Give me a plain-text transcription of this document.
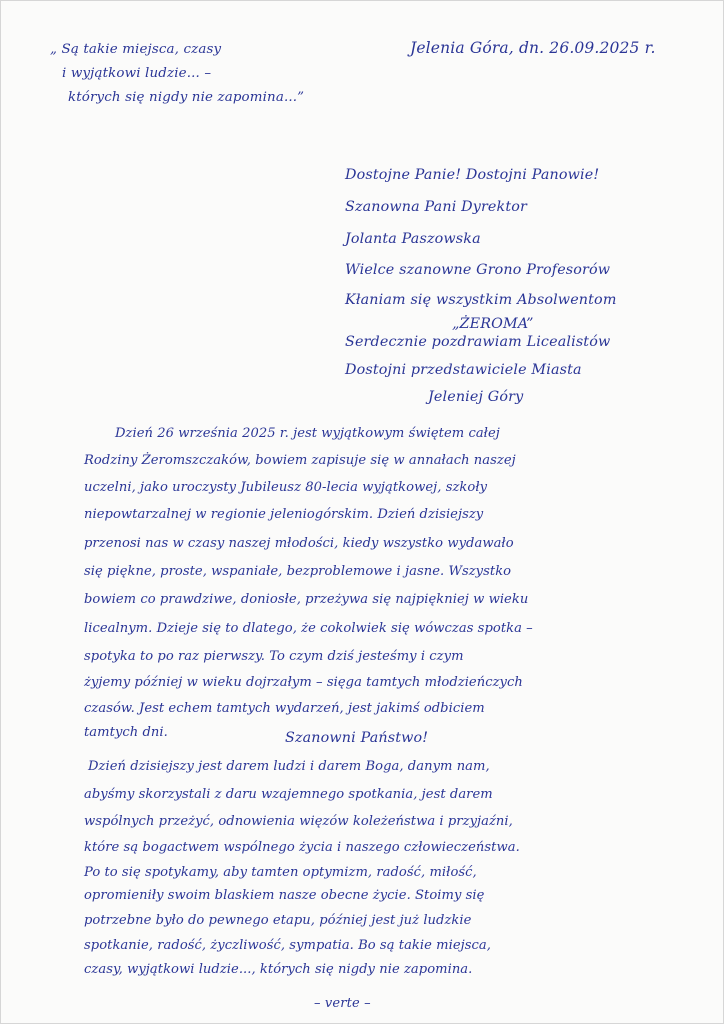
„ Są takie miejsca, czasy

i wyjątkowi ludzie... –

których się nigdy nie zapomina...”

Jelenia Góra, dn. 26.09.2025 r.

Dostojne Panie! Dostojni Panowie!

Szanowna Pani Dyrektor

Jolanta Paszowska

Wielce szanowne Grono Profesorów

Kłaniam się wszystkim Absolwentom

„ŻEROMA”

Serdecznie pozdrawiam Licealistów

Dostojni przedstawiciele Miasta

Jeleniej Góry

Dzień 26 września 2025 r. jest wyjątkowym świętem całej

Rodziny Żeromszczaków, bowiem zapisuje się w annałach naszej

uczelni, jako uroczysty Jubileusz 80-lecia wyjątkowej, szkoły

niepowtarzalnej w regionie jeleniogórskim. Dzień dzisiejszy

przenosi nas w czasy naszej młodości, kiedy wszystko wydawało

się piękne, proste, wspaniałe, bezproblemowe i jasne. Wszystko

bowiem co prawdziwe, doniosłe, przeżywa się najpiękniej w wieku

licealnym. Dzieje się to dlatego, że cokolwiek się wówczas spotka –

spotyka to po raz pierwszy. To czym dziś jesteśmy i czym

żyjemy później w wieku dojrzałym – sięga tamtych młodzieńczych

czasów. Jest echem tamtych wydarzeń, jest jakimś odbiciem

tamtych dni.	Szanowni Państwo!

Dzień dzisiejszy jest darem ludzi i darem Boga, danym nam,

abyśmy skorzystali z daru wzajemnego spotkania, jest darem

wspólnych przeżyć, odnowienia więzów koleżeństwa i przyjaźni,

które są bogactwem wspólnego życia i naszego człowieczeństwa.

Po to się spotykamy, aby tamten optymizm, radość, miłość,

opromieniły swoim blaskiem nasze obecne życie. Stoimy się

potrzebne było do pewnego etapu, później jest już ludzkie

spotkanie, radość, życzliwość, sympatia. Bo są takie miejsca,

czasy, wyjątkowi ludzie..., których się nigdy nie zapomina.

– verte –
